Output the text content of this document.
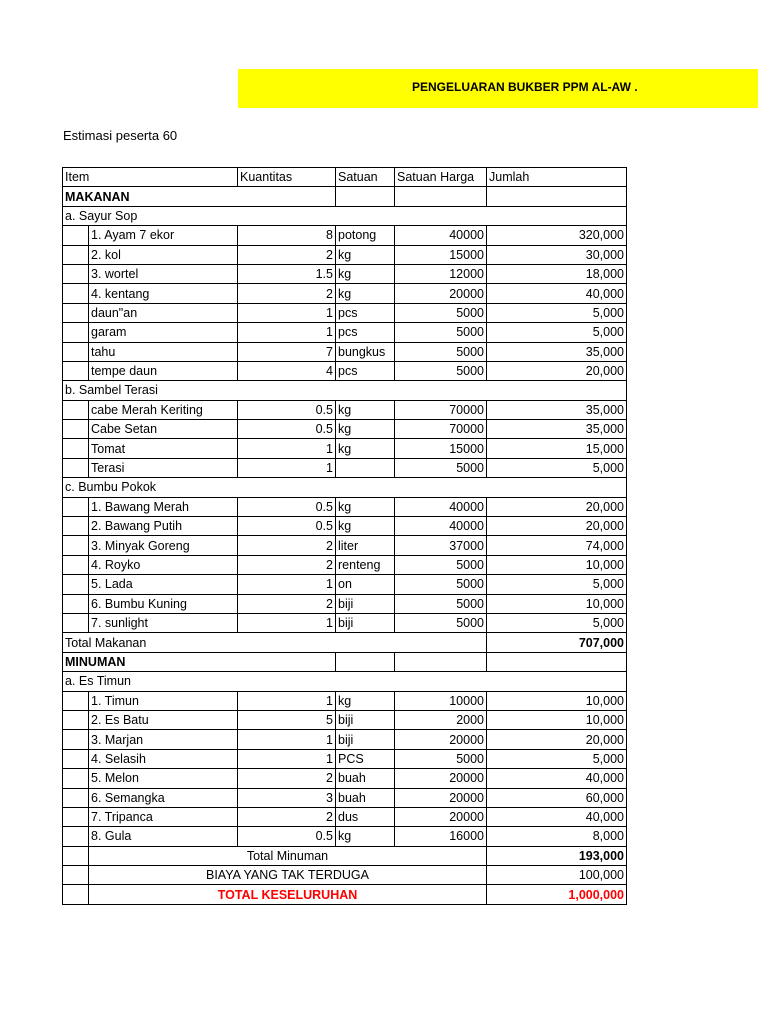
PENGELUARAN BUKBER PPM AL-AW .
Estimasi peserta 60
Item		Kuantitas	Satuan	Satuan Harga	Jumlah
MAKANAN					
a. Sayur Sop					
	1. Ayam 7 ekor	8	potong	40000	320,000
	2. kol	2	kg	15000	30,000
	3. wortel	1.5	kg	12000	18,000
	4. kentang	2	kg	20000	40,000
	daun"an	1	pcs	5000	5,000
	garam	1	pcs	5000	5,000
	tahu	7	bungkus	5000	35,000
	tempe daun	4	pcs	5000	20,000
b. Sambel Terasi					
	cabe Merah Keriting	0.5	kg	70000	35,000
	Cabe Setan	0.5	kg	70000	35,000
	Tomat	1	kg	15000	15,000
	Terasi	1		5000	5,000
c. Bumbu Pokok					
	1. Bawang Merah	0.5	kg	40000	20,000
	2. Bawang Putih	0.5	kg	40000	20,000
	3. Minyak Goreng	2	liter	37000	74,000
	4. Royko	2	renteng	5000	10,000
	5. Lada	1	on	5000	5,000
	6. Bumbu Kuning	2	biji	5000	10,000
	7. sunlight	1	biji	5000	5,000
Total Makanan					707,000
MINUMAN					
a. Es Timun					
	1. Timun	1	kg	10000	10,000
	2. Es Batu	5	biji	2000	10,000
	3. Marjan	1	biji	20000	20,000
	4. Selasih	1	PCS	5000	5,000
	5. Melon	2	buah	20000	40,000
	6. Semangka	3	buah	20000	60,000
	7. Tripanca	2	dus	20000	40,000
	8. Gula	0.5	kg	16000	8,000
	Total Minuman				193,000
	BIAYA YANG TAK TERDUGA				100,000
	TOTAL KESELURUHAN				1,000,000
